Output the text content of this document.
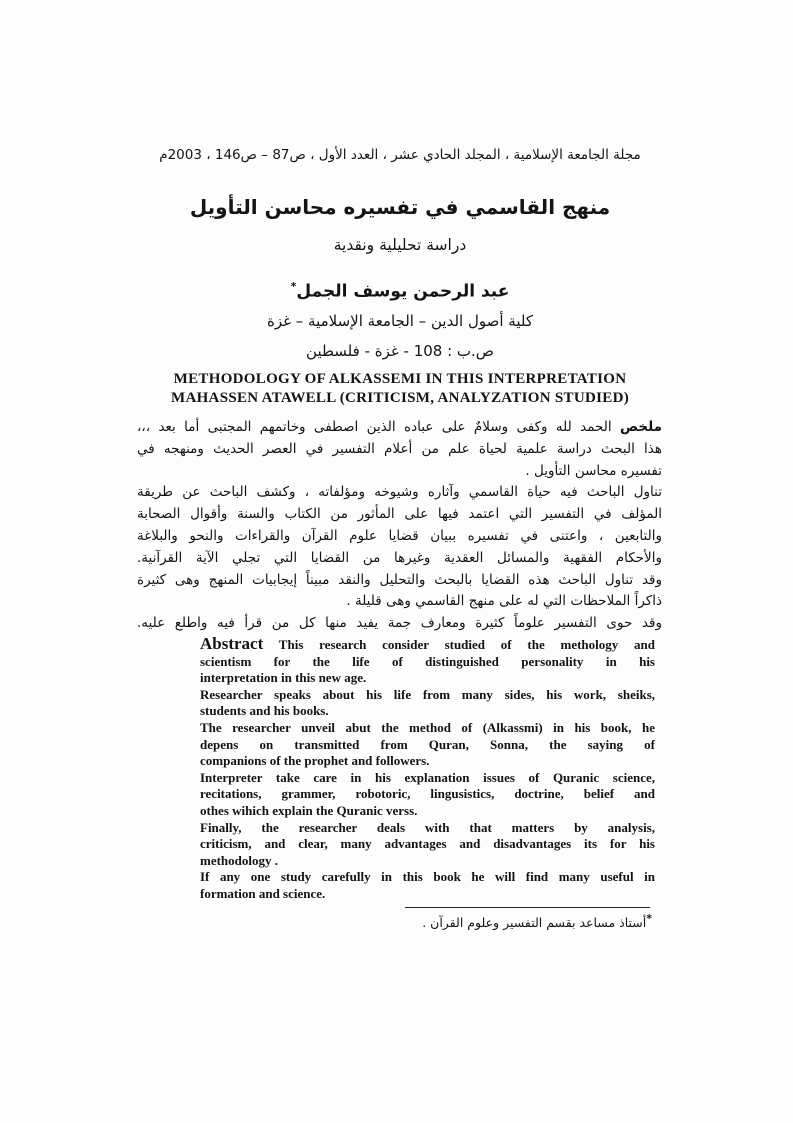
مجلة الجامعة الإسلامية ، المجلد الحادي عشر ، العدد الأول ، ص87 – ص146 ، 2003م
منهج القاسمي في تفسيره محاسن التأويل
دراسة تحليلية ونقدية
عبد الرحمن يوسف الجمل*
كلية أصول الدين – الجامعة الإسلامية – غزة
ص.ب : 108 - غزة - فلسطين
METHODOLOGY OF ALKASSEMI IN THIS INTERPRETATION
MAHASSEN ATAWELL (CRITICISM, ANALYZATION STUDIED)
ملخص الحمد لله وكفى وسلامٌ على عباده الذين اصطفى وخاتمهم المجتبى أما بعد ،،،
هذا البحث دراسة علمية لحياة علم من أعلام التفسير في العصر الحديث ومنهجه في
تفسيره محاسن التأويل .
تناول الباحث فيه حياة القاسمي وآثاره وشيوخه ومؤلفاته ، وكشف الباحث عن طريقة
المؤلف في التفسير التي اعتمد فيها على المأثور من الكتاب والسنة وأقوال الصحابة
والتابعين ، واعتنى في تفسيره ببيان قضايا علوم القرآن والقراءات والنحو والبلاغة
والأحكام الفقهية والمسائل العقدية وغيرها من القضايا التي تجلي الآية القرآنية.
وقد تناول الباحث هذه القضايا بالبحث والتحليل والنقد مبيناً إيجابيات المنهج وهى كثيرة
ذاكراً الملاحظات التي له على منهج القاسمي وهى قليلة .
وقد حوى التفسير علوماً كثيرة ومعارف جمة يفيد منها كل من قرأ فيه واطلع عليه.
Abstract This research consider studied of the methology and
scientism for the life of distinguished personality in his
interpretation in this new age.
Researcher speaks about his life from many sides, his work, sheiks,
students and his books.
The researcher unveil abut the method of (Alkassmi) in his book, he
depens on transmitted from Quran, Sonna, the saying of
companions of the prophet and followers.
Interpreter take care in his explanation issues of Quranic science,
recitations, grammer, robotoric, lingusistics, doctrine, belief and
othes wihich explain the Quranic verss.
Finally, the researcher deals with that matters by analysis,
criticism, and clear, many advantages and disadvantages its for his
methodology .
If any one study carefully in this book he will find many useful in
formation and science.
*أستاذ مساعد بقسم التفسير وعلوم القرآن .
